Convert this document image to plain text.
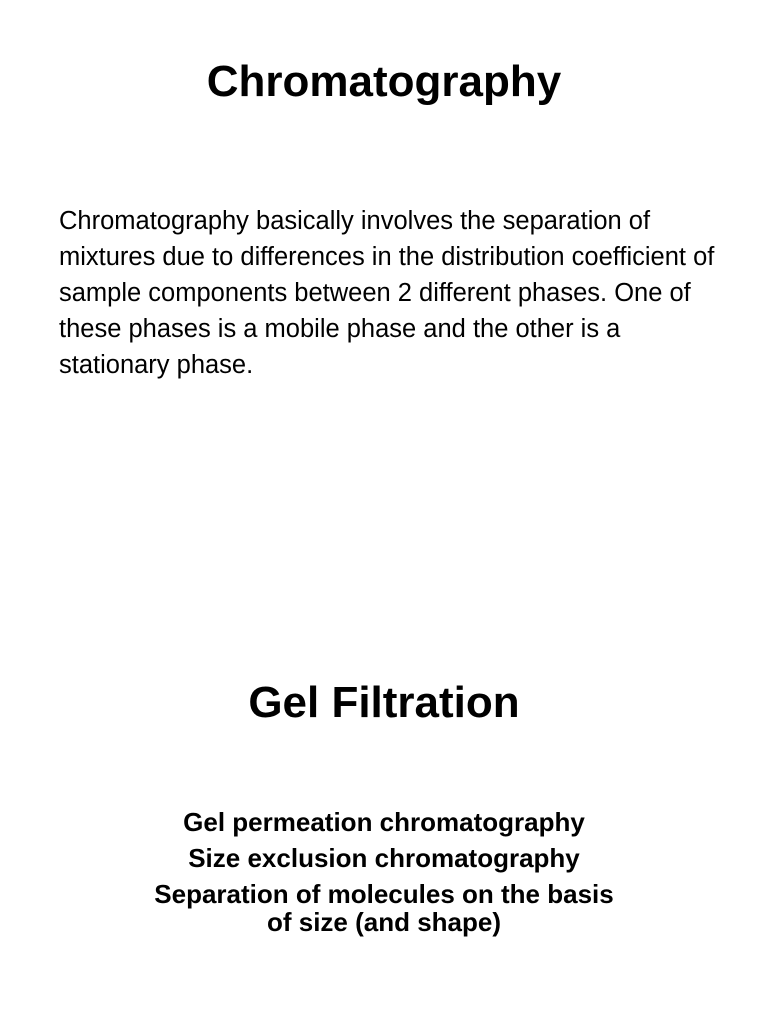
Chromatography

Chromatography basically involves the separation of mixtures due to differences in the distribution coefficient of sample components between 2 different phases. One of these phases is a mobile phase and the other is a stationary phase.

Gel Filtration
Gel permeation chromatography
Size exclusion chromatography
Separation of molecules on the basis of size (and shape)
